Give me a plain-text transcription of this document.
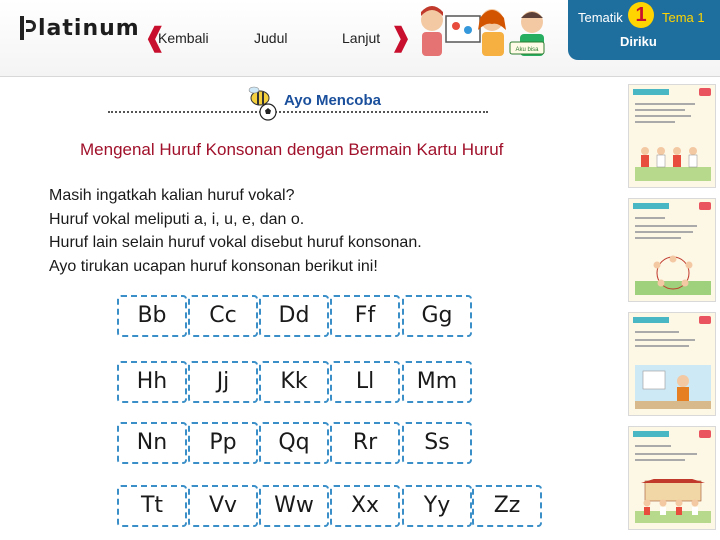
latinum ❰
Kembali	Judul	Lanjut ❱	Aku bisa
Tematik 1	Tema 1
Diriku
Ayo Mencoba
Mengenal Huruf Konsonan dengan Bermain Kartu Huruf
Masih ingatkah kalian huruf vokal?
Huruf vokal meliputi a, i, u, e, dan o.
Huruf lain selain huruf vokal disebut huruf konsonan.
Ayo tirukan ucapan huruf konsonan berikut ini!
Bb	Cc	Dd	Ff	Gg
Hh	Jj	Kk	Ll	Mm
Nn	Pp	Qq	Rr	Ss
Tt	Vv	Ww	Xx	Yy	Zz
